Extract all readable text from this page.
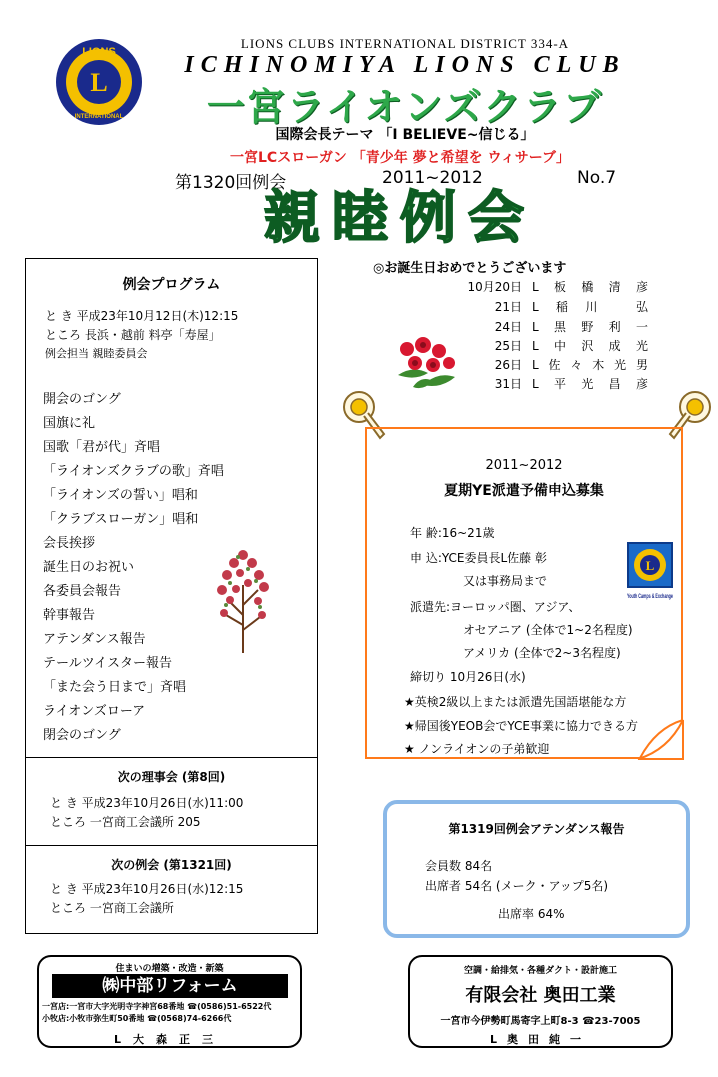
L
LIONS
INTERNATIONAL
LIONS CLUBS INTERNATIONAL DISTRICT 334-A
ICHINOMIYA LIONS CLUB
一宮ライオンズクラブ
国際会長テーマ 「I BELIEVE~信じる」
一宮LCスローガン 「青少年 夢と希望を ウィサーブ」
第1320回例会	2011~2012	No.7
親睦例会
例会プログラム
と き 平成23年10月12日(木)12:15
ところ 長浜・越前 料亭「寿屋」
例会担当 親睦委員会
開会のゴング
国旗に礼
国歌「君が代」斉唱
「ライオンズクラブの歌」斉唱
「ライオンズの誓い」唱和
「クラブスローガン」唱和
会長挨拶
誕生日のお祝い
各委員会報告
幹事報告
アテンダンス報告
テールツイスター報告
「また会う日まで」斉唱
ライオンズローア
閉会のゴング
次の理事会 (第8回)
と き 平成23年10月26日(水)11:00
ところ 一宮商工会議所 205
次の例会 (第1321回)
と き 平成23年10月26日(水)12:15
ところ 一宮商工会議所
◎お誕生日おめでとうございます
10月20日 L板橋清彦
21日 L稲川 弘
24日 L黒野利一
25日 L中沢成光
26日 L佐々木光男
31日 L平光昌彦
2011~2012
夏期YE派遣予備申込募集
年 齢:16~21歳
申 込:YCE委員長L佐藤 彰
又は事務局まで
派遣先:ヨーロッパ圏、アジア、
オセアニア (全体で1~2名程度)
アメリカ (全体で2~3名程度)
締切り 10月26日(水)
★英検2級以上または派遣先国語堪能な方
★帰国後YEOB会でYCE事業に協力できる方
★ ノンライオンの子弟歓迎
L
Youth Camps & Exchange
第1319回例会アテンダンス報告
会員数 84名
出席者 54名 (メーク・アップ5名)
出席率 64%
住まいの増築・改造・新築
㈱中部リフォーム
一宮店:一宮市大字光明寺字神宮68番地 ☎(0586)51-6522代
小牧店:小牧市弥生町50番地 ☎(0568)74-6266代
L大森正三
空調・給排気・各種ダクト・設計施工
有限会社 奥田工業
一宮市今伊勢町馬寄字上町8-3 ☎23-7005
L奥田純一
